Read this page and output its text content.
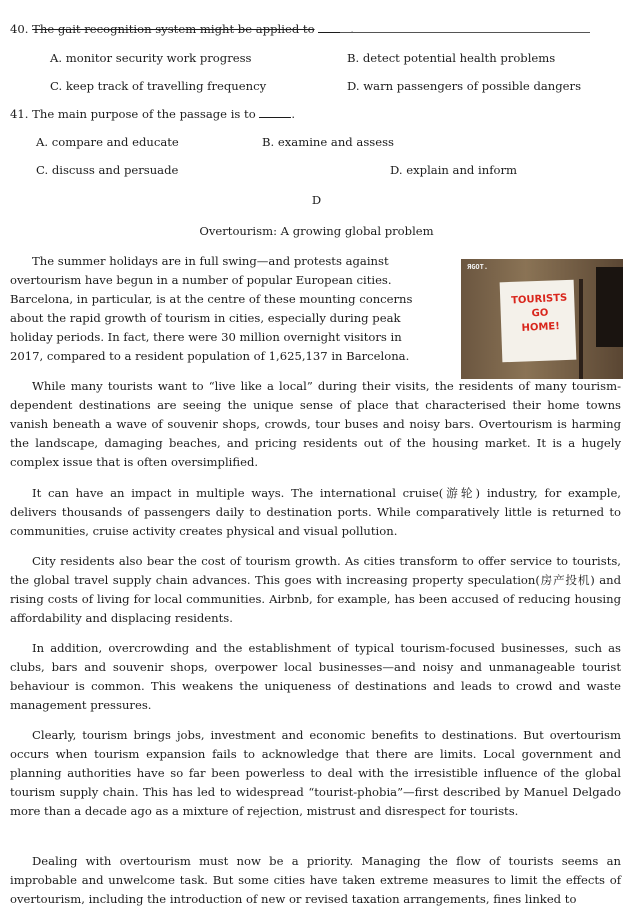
40. The gait recognition system might be applied to	.
A. monitor security work progress	B. detect potential health problems
C. keep track of travelling frequency	D. warn passengers of possible dangers
41. The main purpose of the passage is to	.
A. compare and educate	B. examine and assess
C. discuss and persuade	D. explain and inform
D
Overtourism: A growing global problem
ЯGOT.
TOURISTS
GO
HOME!
The summer holidays are in full swing—and protests against
overtourism have begun in a number of popular European cities.
Barcelona, in particular, is at the centre of these mounting concerns
about the rapid growth of tourism in cities, especially during peak
holiday periods. In fact, there were 30 million overnight visitors in
2017, compared to a resident population of 1,625,137 in Barcelona.

While many tourists want to “live like a local” during their visits, the residents of many tourism-dependent destinations are seeing the unique sense of place that characterised their home towns vanish beneath a wave of souvenir shops, crowds, tour buses and noisy bars. Overtourism is harming the landscape, damaging beaches, and pricing residents out of the housing market. It is a hugely complex issue that is often oversimplified.

It can have an impact in multiple ways. The international cruise(游轮) industry, for example, delivers thousands of passengers daily to destination ports. While comparatively little is returned to communities, cruise activity creates physical and visual pollution.

City residents also bear the cost of tourism growth. As cities transform to offer service to tourists, the global travel supply chain advances. This goes with increasing property speculation(房产投机) and rising costs of living for local communities. Airbnb, for example, has been accused of reducing housing affordability and displacing residents.

In addition, overcrowding and the establishment of typical tourism-focused businesses, such as clubs, bars and souvenir shops, overpower local businesses—and noisy and unmanageable tourist behaviour is common. This weakens the uniqueness of destinations and leads to crowd and waste management pressures.

Clearly, tourism brings jobs, investment and economic benefits to destinations. But overtourism occurs when tourism expansion fails to acknowledge that there are limits. Local government and planning authorities have so far been powerless to deal with the irresistible influence of the global tourism supply chain. This has led to widespread “tourist-phobia”—first described by Manuel Delgado more than a decade ago as a mixture of rejection, mistrust and disrespect for tourists.

Dealing with overtourism must now be a priority. Managing the flow of tourists seems an improbable and unwelcome task. But some cities have taken extreme measures to limit the effects of overtourism, including the introduction of new or revised taxation arrangements, fines linked to
